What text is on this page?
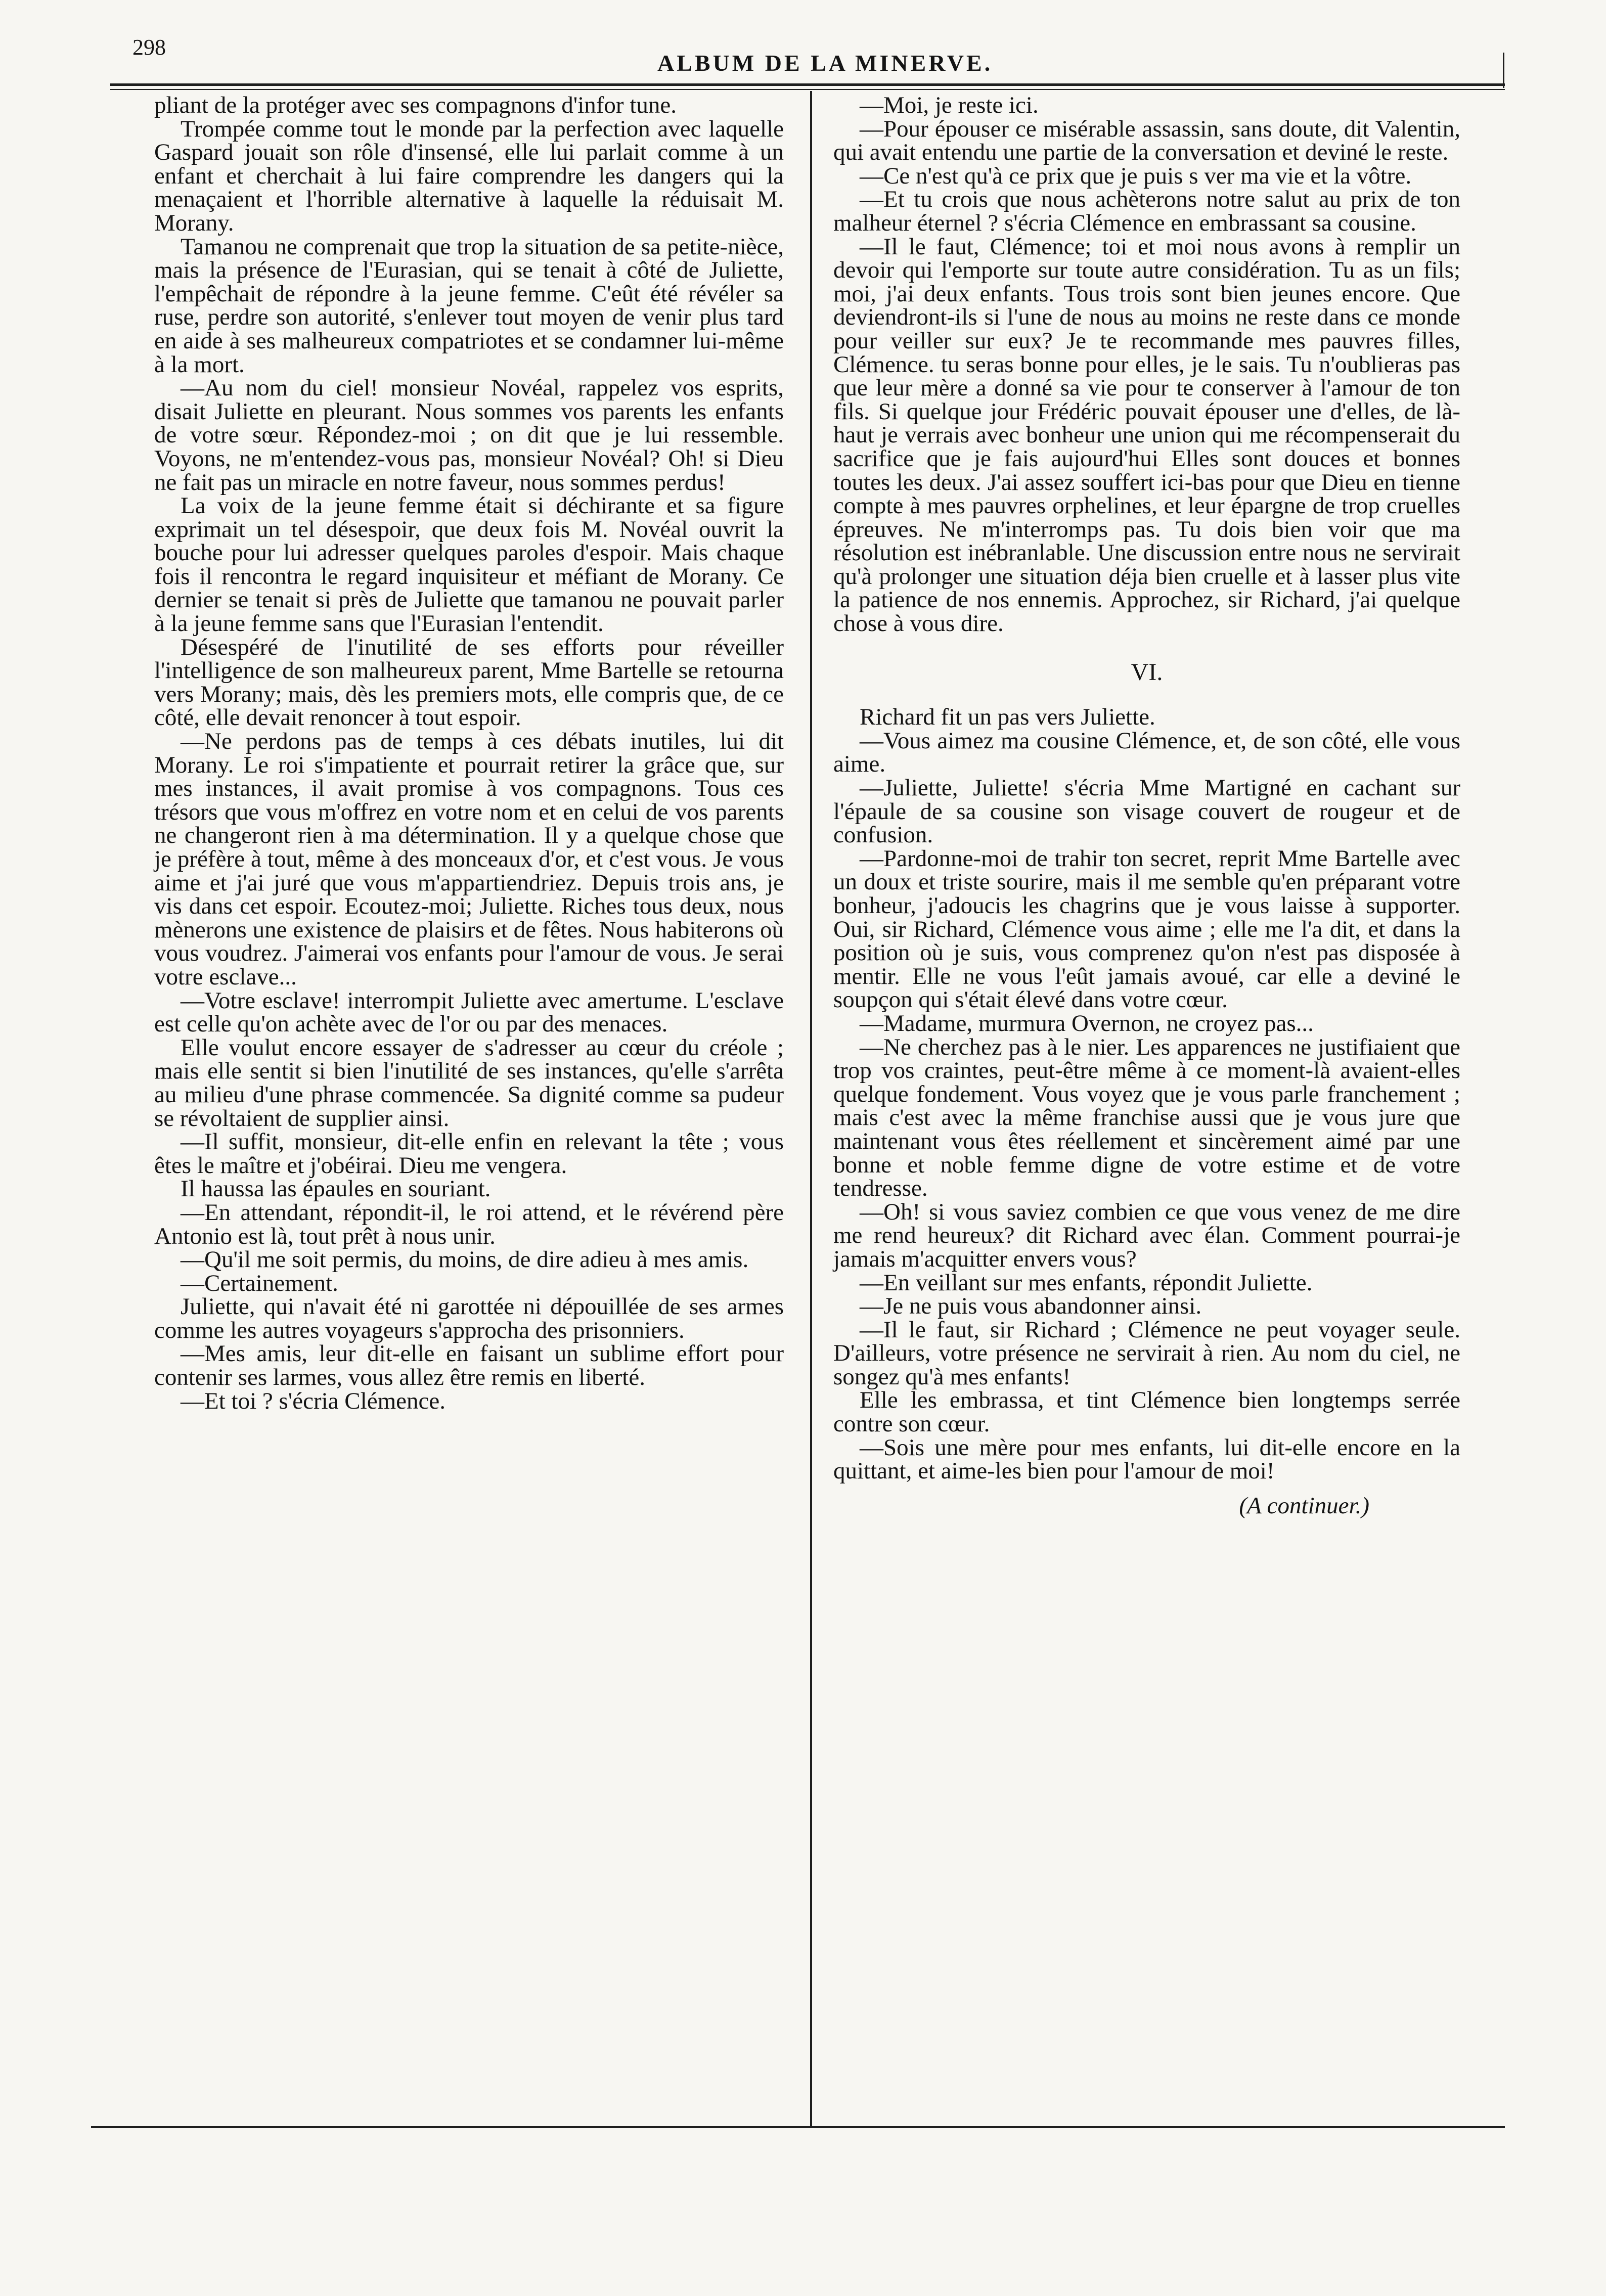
298
ALBUM DE LA MINERVE.

pliant de la protéger avec ses compagnons d'infor tune.

Trompée comme tout le monde par la perfection avec laquelle Gaspard jouait son rôle d'insensé, elle lui parlait comme à un enfant et cherchait à lui faire comprendre les dangers qui la menaçaient et l'horrible alternative à laquelle la réduisait M. Morany.

Tamanou ne comprenait que trop la situation de sa petite-nièce, mais la présence de l'Eurasian, qui se tenait à côté de Juliette, l'empêchait de répondre à la jeune femme. C'eût été révéler sa ruse, perdre son autorité, s'enlever tout moyen de venir plus tard en aide à ses malheureux compatriotes et se condamner lui-même à la mort.

—Au nom du ciel! monsieur Novéal, rappelez vos esprits, disait Juliette en pleurant. Nous sommes vos parents les enfants de votre sœur. Répondez-moi ; on dit que je lui ressemble. Voyons, ne m'entendez-vous pas, monsieur Novéal? Oh! si Dieu ne fait pas un miracle en notre faveur, nous sommes perdus!

La voix de la jeune femme était si déchirante et sa figure exprimait un tel désespoir, que deux fois M. Novéal ouvrit la bouche pour lui adresser quelques paroles d'espoir. Mais chaque fois il rencontra le regard inquisiteur et méfiant de Morany. Ce dernier se tenait si près de Juliette que tamanou ne pouvait parler à la jeune femme sans que l'Eurasian l'entendit.

Désespéré de l'inutilité de ses efforts pour réveiller l'intelligence de son malheureux parent, Mme Bartelle se retourna vers Morany; mais, dès les premiers mots, elle compris que, de ce côté, elle devait renoncer à tout espoir.

—Ne perdons pas de temps à ces débats inutiles, lui dit Morany. Le roi s'impatiente et pourrait retirer la grâce que, sur mes instances, il avait promise à vos compagnons. Tous ces trésors que vous m'offrez en votre nom et en celui de vos parents ne changeront rien à ma détermination. Il y a quelque chose que je préfère à tout, même à des monceaux d'or, et c'est vous. Je vous aime et j'ai juré que vous m'appartiendriez. Depuis trois ans, je vis dans cet espoir. Ecoutez-moi; Juliette. Riches tous deux, nous mènerons une existence de plaisirs et de fêtes. Nous habiterons où vous voudrez. J'aimerai vos enfants pour l'amour de vous. Je serai votre esclave...

—Votre esclave! interrompit Juliette avec amertume. L'esclave est celle qu'on achète avec de l'or ou par des menaces.

Elle voulut encore essayer de s'adresser au cœur du créole ; mais elle sentit si bien l'inutilité de ses instances, qu'elle s'arrêta au milieu d'une phrase commencée. Sa dignité comme sa pudeur se révoltaient de supplier ainsi.

—Il suffit, monsieur, dit-elle enfin en relevant la tête ; vous êtes le maître et j'obéirai. Dieu me vengera.

Il haussa las épaules en souriant.

—En attendant, répondit-il, le roi attend, et le révérend père Antonio est là, tout prêt à nous unir.

—Qu'il me soit permis, du moins, de dire adieu à mes amis.

—Certainement.

Juliette, qui n'avait été ni garottée ni dépouillée de ses armes comme les autres voyageurs s'approcha des prisonniers.

—Mes amis, leur dit-elle en faisant un sublime effort pour contenir ses larmes, vous allez être remis en liberté.

—Et toi ? s'écria Clémence.

—Moi, je reste ici.

—Pour épouser ce misérable assassin, sans doute, dit Valentin, qui avait entendu une partie de la conversation et deviné le reste.

—Ce n'est qu'à ce prix que je puis s ver ma vie et la vôtre.

—Et tu crois que nous achèterons notre salut au prix de ton malheur éternel ? s'écria Clémence en embrassant sa cousine.

—Il le faut, Clémence; toi et moi nous avons à remplir un devoir qui l'emporte sur toute autre considération. Tu as un fils; moi, j'ai deux enfants. Tous trois sont bien jeunes encore. Que deviendront-ils si l'une de nous au moins ne reste dans ce monde pour veiller sur eux? Je te recommande mes pauvres filles, Clémence. tu seras bonne pour elles, je le sais. Tu n'oublieras pas que leur mère a donné sa vie pour te conserver à l'amour de ton fils. Si quelque jour Frédéric pouvait épouser une d'elles, de là-haut je verrais avec bonheur une union qui me récompenserait du sacrifice que je fais aujourd'hui Elles sont douces et bonnes toutes les deux. J'ai assez souffert ici-bas pour que Dieu en tienne compte à mes pauvres orphelines, et leur épargne de trop cruelles épreuves. Ne m'interromps pas. Tu dois bien voir que ma résolution est inébranlable. Une discussion entre nous ne servirait qu'à prolonger une situation déja bien cruelle et à lasser plus vite la patience de nos ennemis. Approchez, sir Richard, j'ai quelque chose à vous dire.

VI.

Richard fit un pas vers Juliette.

—Vous aimez ma cousine Clémence, et, de son côté, elle vous aime.

—Juliette, Juliette! s'écria Mme Martigné en cachant sur l'épaule de sa cousine son visage couvert de rougeur et de confusion.

—Pardonne-moi de trahir ton secret, reprit Mme Bartelle avec un doux et triste sourire, mais il me semble qu'en préparant votre bonheur, j'adoucis les chagrins que je vous laisse à supporter. Oui, sir Richard, Clémence vous aime ; elle me l'a dit, et dans la position où je suis, vous comprenez qu'on n'est pas disposée à mentir. Elle ne vous l'eût jamais avoué, car elle a deviné le soupçon qui s'était élevé dans votre cœur.

—Madame, murmura Overnon, ne croyez pas...

—Ne cherchez pas à le nier. Les apparences ne justifiaient que trop vos craintes, peut-être même à ce moment-là avaient-elles quelque fondement. Vous voyez que je vous parle franchement ; mais c'est avec la même franchise aussi que je vous jure que maintenant vous êtes réellement et sincèrement aimé par une bonne et noble femme digne de votre estime et de votre tendresse.

—Oh! si vous saviez combien ce que vous venez de me dire me rend heureux? dit Richard avec élan. Comment pourrai-je jamais m'acquitter envers vous?

—En veillant sur mes enfants, répondit Juliette.

—Je ne puis vous abandonner ainsi.

—Il le faut, sir Richard ; Clémence ne peut voyager seule. D'ailleurs, votre présence ne servirait à rien. Au nom du ciel, ne songez qu'à mes enfants!

Elle les embrassa, et tint Clémence bien longtemps serrée contre son cœur.

—Sois une mère pour mes enfants, lui dit-elle encore en la quittant, et aime-les bien pour l'amour de moi!

(A continuer.)
